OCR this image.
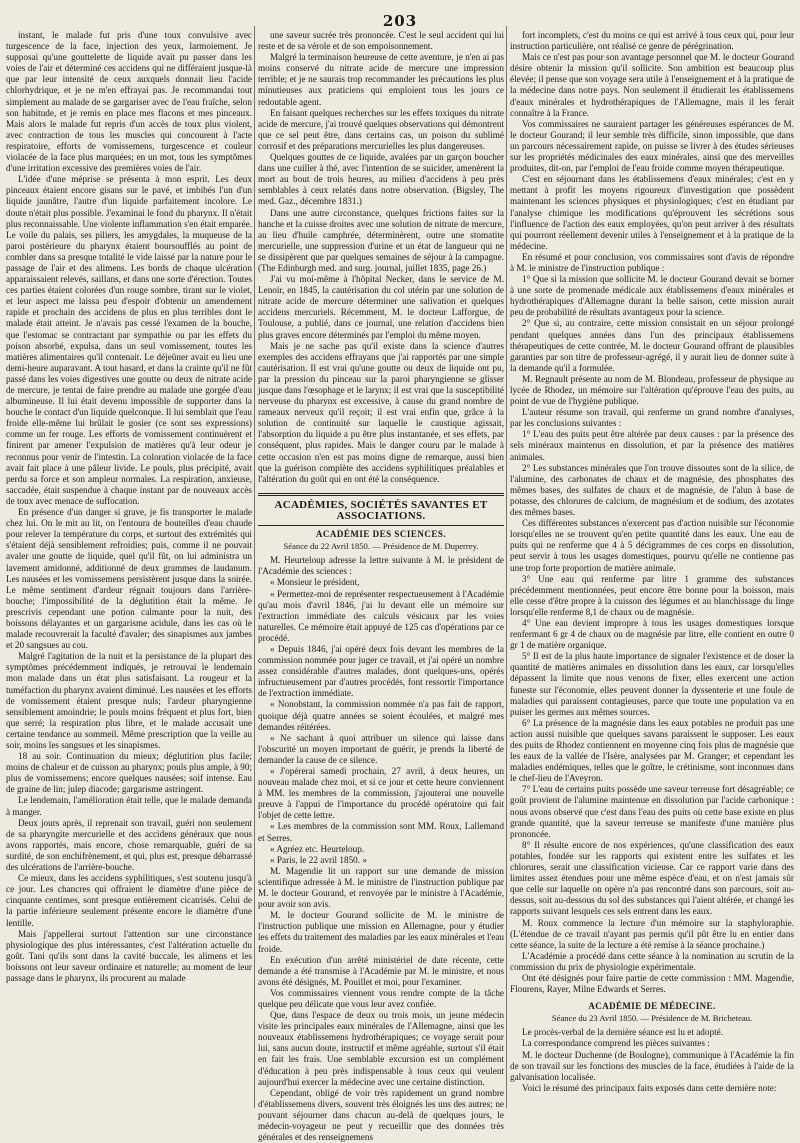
203

instant, le malade fut pris d'une toux convulsive avec turgescence de la face, injection des yeux, larmoiement. Je supposai qu'une gouttelette de liquide avait pu passer dans les voies de l'air et déterminé ces accidens qui ne différaient jusque-là que par leur intensité de ceux auxquels donnait lieu l'acide chlorhydrique, et je ne m'en effrayai pas. Je recommandai tout simplement au malade de se gargariser avec de l'eau fraîche, selon son habitude, et je remis en place mes flacons et mes pinceaux. Mais alors le malade fut repris d'un accès de toux plus violent, avec contraction de tous les muscles qui concourent à l'acte respiratoire, efforts de vomissemens, turgescence et couleur violacée de la face plus marquées; en un mot, tous les symptômes d'une irritation excessive des premières voies de l'air.

L'idée d'une méprise se présenta à mon esprit. Les deux pinceaux étaient encore gisans sur le pavé, et imbibés l'un d'un liquide jaunâtre, l'autre d'un liquide parfaitement incolore. Le doute n'était plus possible. J'examinai le fond du pharynx. Il n'était plus reconnaissable. Une violente inflammation s'en était emparée. Le voile du palais, ses piliers, les amygdales, la muqueuse de la paroi postérieure du pharynx étaient boursoufflés au point de combler dans sa presque totalité le vide laissé par la nature pour le passage de l'air et des alimens. Les bords de chaque ulcération apparaissaient relevés, saillans, et dans une sorte d'érection. Toutes ces parties étaient colorées d'un rouge sombre, tirant sur le violet, et leur aspect me laissa peu d'espoir d'obtenir un amendement rapide et prochain des accidens de plus en plus terribles dont le malade était atteint. Je n'avais pas cessé l'examen de la bouche, que l'estomac se contractant par sympathie ou par les effets du poison absorbé, expulsa, dans un seul vomissement, toutes les matières alimentaires qu'il contenait. Le déjeûner avait eu lieu une demi-heure auparavant. A tout hasard, et dans la crainte qu'il ne fût passé dans les voies digestives une goutte ou deux de nitrate acide de mercure, je tentai de faire prendre au malade une gorgée d'eau albumineuse. Il lui était devenu impossible de supporter dans la bouche le contact d'un liquide quelconque. Il lui semblait que l'eau froide elle-même lui brûlait le gosier (ce sont ses expressions) comme un fer rouge. Les efforts de vomissement continuèrent et finirent par amener l'expulsion de matières qu'à leur odeur je reconnus pour venir de l'intestin. La coloration violacée de la face avait fait place à une pâleur livide. Le pouls, plus précipité, avait perdu sa force et son ampleur normales. La respiration, anxieuse, saccadée, était suspendue à chaque instant par de nouveaux accès de toux avec menace de suffocation.

En présence d'un danger si grave, je fis transporter le malade chez lui. On le mit au lit, on l'entoura de bouteilles d'eau chaude pour relever la température du corps, et surtout des extrémités qui s'étaient déjà sensiblement refroidies; puis, comme il ne pouvait avaler une goutte de liquide, quel qu'il fût, on lui administra un lavement amidonné, additionné de deux grammes de laudanum. Les nausées et les vomissemens persistèrent jusque dans la soirée. Le même sentiment d'ardeur régnait toujours dans l'arrière-bouche; l'impossibilité de la déglutition était la même. Je prescrivis cependant une potion calmante pour la nuit, des boissons délayantes et un gargarisme acidule, dans les cas où le malade recouvrerait la faculté d'avaler; des sinapismes aux jambes et 20 sangsues au cou.

Malgré l'agitation de la nuit et la persistance de la plupart des symptômes précédemment indiqués, je retrouvai le lendemain mon malade dans un état plus satisfaisant. La rougeur et la tuméfaction du pharynx avaient diminué. Les nausées et les efforts de vomissement étaient presque nuls; l'ardeur pharyngienne sensiblement amoindrie; le pouls moins fréquent et plus fort, bien que serré; la respiration plus libre, et le malade accusait une certaine tendance au sommeil. Même prescription que la veille au soir, moins les sangsues et les sinapismes.

18 au soir. Continuation du mieux; déglutition plus facile; moins de chaleur et de cuisson au pharynx; pouls plus ample, à 90; plus de vomissemens; encore quelques nausées; soif intense. Eau de graine de lin; julep diacode; gargarisme astringent.

Le lendemain, l'amélioration était telle, que le malade demanda à manger.

Deux jours après, il reprenait son travail, guéri non seulement de sa pharyngite mercurielle et des accidens généraux que nous avons rapportés, mais encore, chose remarquable, guéri de sa surdité, de son enchifrènement, et qui, plus est, presque débarrassé des ulcérations de l'arrière-bouche.

Ce mieux, dans les accidens syphilitiques, s'est soutenu jusqu'à ce jour. Les chancres qui offraient le diamètre d'une pièce de cinquante centimes, sont presque entièrement cicatrisés. Celui de la partie inférieure seulement présente encore le diamètre d'une lentille.

Mais j'appellerai surtout l'attention sur une circonstance physiologique des plus intéressantes, c'est l'altération actuelle du goût. Tani qu'ils sont dans la cavité buccale, les alimens et les boissons ont leur saveur ordinaire et naturelle; au moment de leur passage dans le pharynx, ils procurent au malade

une saveur sucrée très prononcée. C'est le seul accident qui lui reste et de sa vérole et de son empoisonnement.

Malgré la terminaison heureuse de cette aventure, je n'en ai pas moins conservé du nitrate acide de mercure une impression terrible; et je ne saurais trop recommander les précautions les plus minutieuses aux praticiens qui emploient tous les jours ce redoutable agent.

En faisant quelques recherches sur les effets toxiques du nitrate acide de mercure, j'ai trouvé quelques observations qui démontrent que ce sel peut être, dans certains cas, un poison du sublimé corrosif et des préparations mercurielles les plus dangereuses.

Quelques gouttes de ce liquide, avalées par un garçon boucher dans une cuiller à thé, avec l'intention de se suicider, amenèrent la mort au bout de trois heures, au milieu d'accidens à peu près semblables à ceux relatés dans notre observation. (Bigsley, The med. Gaz., décembre 1831.)

Dans une autre circonstance, quelques frictions faites sur la hanche et la cuisse droites avec une solution de nitrate de mercure, au lieu d'huile camphrée, déterminèrent, outre une stomatite mercurielle, une suppression d'urine et un état de langueur qui ne se dissipèrent que par quelques semaines de séjour à la campagne. (The Edinburgh med. and surg. journal, juillet 1835, page 26.)

J'ai vu moi-même à l'hôpital Necker, dans le service de M. Lenoir, en 1845, la cautérisation du col utérin par une solution de nitrate acide de mercure déterminer une salivation et quelques accidens mercuriels. Récemment, M. le docteur Lafforgue, de Toulouse, a publié, dans ce journal, une relation d'accidens bien plus graves encore déterminés par l'emploi du même moyen.

Mais je ne sache pas qu'il existe dans la science d'autres exemples des accidens effrayans que j'ai rapportés par une simple cautérisation. Il est vrai qu'une goutte ou deux de liquide ont pu, par la pression du pinceau sur la paroi pharyngienne se glisser jusque dans l'œsophage et le larynx; il est vrai que la susceptibilité nerveuse du pharynx est excessive, à cause du grand nombre de rameaux nerveux qu'il reçoit; il est vrai enfin que, grâce à la solution de continuité sur laquelle le caustique agissait, l'absorption du liquide a pu être plus instantanée, et ses effets, par conséquent, plus rapides. Mais le danger couru par le malade à cette occasion n'en est pas moins digne de remarque, aussi bien que la guérison complète des accidens syphilitiques préalables et l'altération du goût qui en ont été la conséquence.

ACADÉMIES, SOCIÉTÉS SAVANTES ET ASSOCIATIONS.
ACADÉMIE DES SCIENCES.
Séance du 22 Avril 1850. — Présidence de M. Duperrey.

M. Heurteloup adresse la lettre suivante à M. le président de l'Académie des sciences :

« Monsieur le président,

« Permettez-moi de représenter respectueusement à l'Académie qu'au mois d'avril 1846, j'ai lu devant elle un mémoire sur l'extraction immédiate des calculs vésicaux par les voies naturelles. Ce mémoire était appuyé de 125 cas d'opérations par ce procédé.

« Depuis 1846, j'ai opéré deux fois devant les membres de la commission nommée pour juger ce travail, et j'ai opéré un nombre assez considérable d'autres malades, dont quelques-uns, opérés infructueusement par d'autres procédés, font ressortir l'importance de l'extraction immédiate.

« Nonobstant, la commission nommée n'a pas fait de rapport, quoique déjà quatre années se soient écoulées, et malgré mes demandes réitérées.

« Ne sachant à quoi attribuer un silence qui laisse dans l'obscurité un moyen important de guérir, je prends la liberté de demander la cause de ce silence.

« J'opérerai samedi prochain, 27 avril, à deux heures, un nouveau malade chez moi, et si ce jour et cette heure conviennent à MM. les membres de la commission, j'ajouterai une nouvelle preuve à l'appui de l'importance du procédé opératoire qui fait l'objet de cette lettre.

« Les membres de la commission sont MM. Roux, Lallemand et Serres.

« Agréez etc. Heurteloup.

« Paris, le 22 avril 1850. »

M. Magendie lit un rapport sur une demande de mission scientifique adressée à M. le ministre de l'instruction publique par M. le docteur Gourand, et renvoyée par le ministre à l'Académie, pour avoir son avis.

M. le docteur Gourand sollicite de M. le ministre de l'instruction publique une mission en Allemagne, pour y étudier les effets du traitement des maladies par les eaux minérales et l'eau froide.

En exécution d'un arrêté ministériel de date récente, cette demande a été transmise à l'Académie par M. le ministre, et nous avons été désignés, M. Pouillet et moi, pour l'examiner.

Vos commissaires viennent vous rendre compte de la tâche quelque peu délicate que vous leur avez confiée.

Que, dans l'espace de deux ou trois mois, un jeune médecin visite les principales eaux minérales de l'Allemagne, ainsi que les nouveaux établissemens hydrothérapiques; ce voyage serait pour lui, sans aucun doute, instructif et même agréable, surtout s'il était en fait les frais. Une semblable excursion est un complément d'éducation à peu près indispensable à tous ceux qui veulent aujourd'hui exercer la médecine avec une certaine distinction.

Cependant, obligé de voir très rapidement un grand nombre d'établissemens divers, souvent très éloignés les uns des autres; ne pouvant séjourner dans chacun au-delà de quelques jours, le médecin-voyageur ne peut y recueillir que des données très générales et des renseignemens

fort incomplets, c'est du moins ce qui est arrivé à tous ceux qui, pour leur instruction particulière, ont réalisé ce genre de pérégrination.

Mais ce n'est pas pour son avantage personnel que M. le docteur Gourand désire obtenir la mission qu'il sollicite. Son ambition est beaucoup plus élevée; il pense que son voyage sera utile à l'enseignement et à la pratique de la médecine dans notre pays. Non seulement il étudierait les établissemens d'eaux minérales et hydrothérapiques de l'Allemagne, mais il les ferait connaître à la France.

Vos commissaires ne sauraient partager les généreuses espérances de M. le docteur Gourand; il leur semble très difficile, sinon impossible, que dans un parcours nécessairement rapide, on puisse se livrer à des études sérieuses sur les propriétés médicinales des eaux minérales, ainsi que des merveilles produites, dit-on, par l'emploi de l'eau froide comme moyen thérapeutique.

C'est en séjournant dans les établissemens d'eaux minérales; c'est en y mettant à profit les moyens rigoureux d'investigation que possèdent maintenant les sciences physiques et physiologiques; c'est en étudiant par l'analyse chimique les modifications qu'éprouvent les sécrétions sous l'influence de l'action des eaux employées, qu'on peut arriver à des résultats qui pourront réellement devenir utiles à l'enseignement et à la pratique de la médecine.

En résumé et pour conclusion, vos commissaires sont d'avis de répondre à M. le ministre de l'instruction publique :

1° Que si la mission que sollicite M. le docteur Gourand devait se borner à une sorte de promenade médicale aux établissemens d'eaux minérales et hydrothérapiques d'Allemagne durant la belle saison, cette mission aurait peu de probabilité de résultats avantageux pour la science.

2° Que si, au contraire, cette mission consistait en un séjour prolongé pendant quelques années dans l'un des principaux établissemens thérapeutiques de cette contrée, M. le docteur Gourand offrant de plausibles garanties par son titre de professeur-agrégé, il y aurait lieu de donner suite à la demande qu'il a formulée.

M. Regnault présente au nom de M. Blondeau, professeur de physique au lycée de Rhodez, un mémoire sur l'altération qu'éprouve l'eau des puits, au point de vue de l'hygiène publique.

L'auteur résume son travail, qui renferme un grand nombre d'analyses, par les conclusions suivantes :

1° L'eau des puits peut être altérée par deux causes : par la présence des sels minéraux maintenus en dissolution, et par la présence des matières animales.

2° Les substances minérales que l'on trouve dissoutes sont de la silice, de l'alumine, des carbonates de chaux et de magnésie, des phosphates des mêmes bases, des sulfates de chaux et de magnésie, de l'alun à base de potasse, des chlorures de calcium, de magnésium et de sodium, des azotates des mêmes bases.

Ces différentes substances n'exercent pas d'action nuisible sur l'économie lorsqu'elles ne se trouvent qu'en petite quantité dans les eaux. Une eau de puits qui ne renferme que 4 à 5 décigrammes de ces corps en dissolution, peut servir à tous les usages domestiques, pourvu qu'elle ne contienne pas une trop forte proportion de matière animale.

3° Une eau qui renferme par litre 1 gramme des substances précédemment mentionnées, peut encore être bonne pour la boisson, mais elle cesse d'être propre à la cuisson des légumes et au blanchissage du linge lorsqu'elle renferme 8,1 de chaux ou de magnésie.

4° Une eau devient impropre à tous les usages domestiques lorsque renfermant 6 gr 4 de chaux ou de magnésie par litre, elle contient en outre 0 gr 1 de matière organique.

5° Il est de la plus haute importance de signaler l'existence et de doser la quantité de matières animales en dissolution dans les eaux, car lorsqu'elles dépassent la limite que nous venons de fixer, elles exercent une action funeste sur l'économie, elles peuvent donner la dyssenterie et une foule de maladies qui paraissent contagieuses, parce que toute une population va en puiser les germes aux mêmes sources.

6° La présence de la magnésie dans les eaux potables ne produit pas une action aussi nuisible que quelques savans paraissent le supposer. Les eaux des puits de Rhodez contiennent en moyenne cinq fois plus de magnésie que les eaux de la vallée de l'Isère, analysées par M. Granger; et cependant les maladies endémiques, telles que le goître, le crétinisme, sont inconnues dans le chef-lieu de l'Aveyron.

7° L'eau de certains puits possède une saveur terreuse fort désagréable; ce goût provient de l'alumine maintenue en dissolution par l'acide carbonique : nous avons observé que c'est dans l'eau des puits où cette base existe en plus grande quantité, que la saveur terreuse se manifeste d'une manière plus prononcée.

8° Il résulte encore de nos expériences, qu'une classification des eaux potables, fondée sur les rapports qui existent entre les sulfates et les chlorures, serait une classification vicieuse. Car ce rapport varie dans des limites assez étendues pour une même espèce d'eau, et on n'est jamais sûr que celle sur laquelle on opère n'a pas rencontré dans son parcours, soit au-dessus, soit au-dessous du sol des substances qui l'aient altérée, et changé les rapports suivant lesquels ces sels entrent dans les eaux.

M. Roux commence la lecture d'un mémoire sur la staphyloraphie. (L'étendue de ce travail n'ayant pas permis qu'il pût être lu en entier dans cette séance, la suite de la lecture a été remise à la séance prochaine.)

L'Académie a procédé dans cette séance à la nomination au scrutin de la commission du prix de physiologie expérimentale.

Ont été désignés pour faire partie de cette commission : MM. Magendie, Flourens, Rayer, Milne Edwards et Serres.

ACADÉMIE DE MÉDECINE.
Séance du 23 Avril 1850. — Présidence de M. Bricheteau.

Le procès-verbal de la dernière séance est lu et adopté.

La correspondance comprend les pièces suivantes :

M. le docteur Duchenne (de Boulogne), communique à l'Académie la fin de son travail sur les fonctions des muscles de la face, étudiées à l'aide de la galvanisation localisée.

Voici le résumé des principaux faits exposés dans cette dernière note:
